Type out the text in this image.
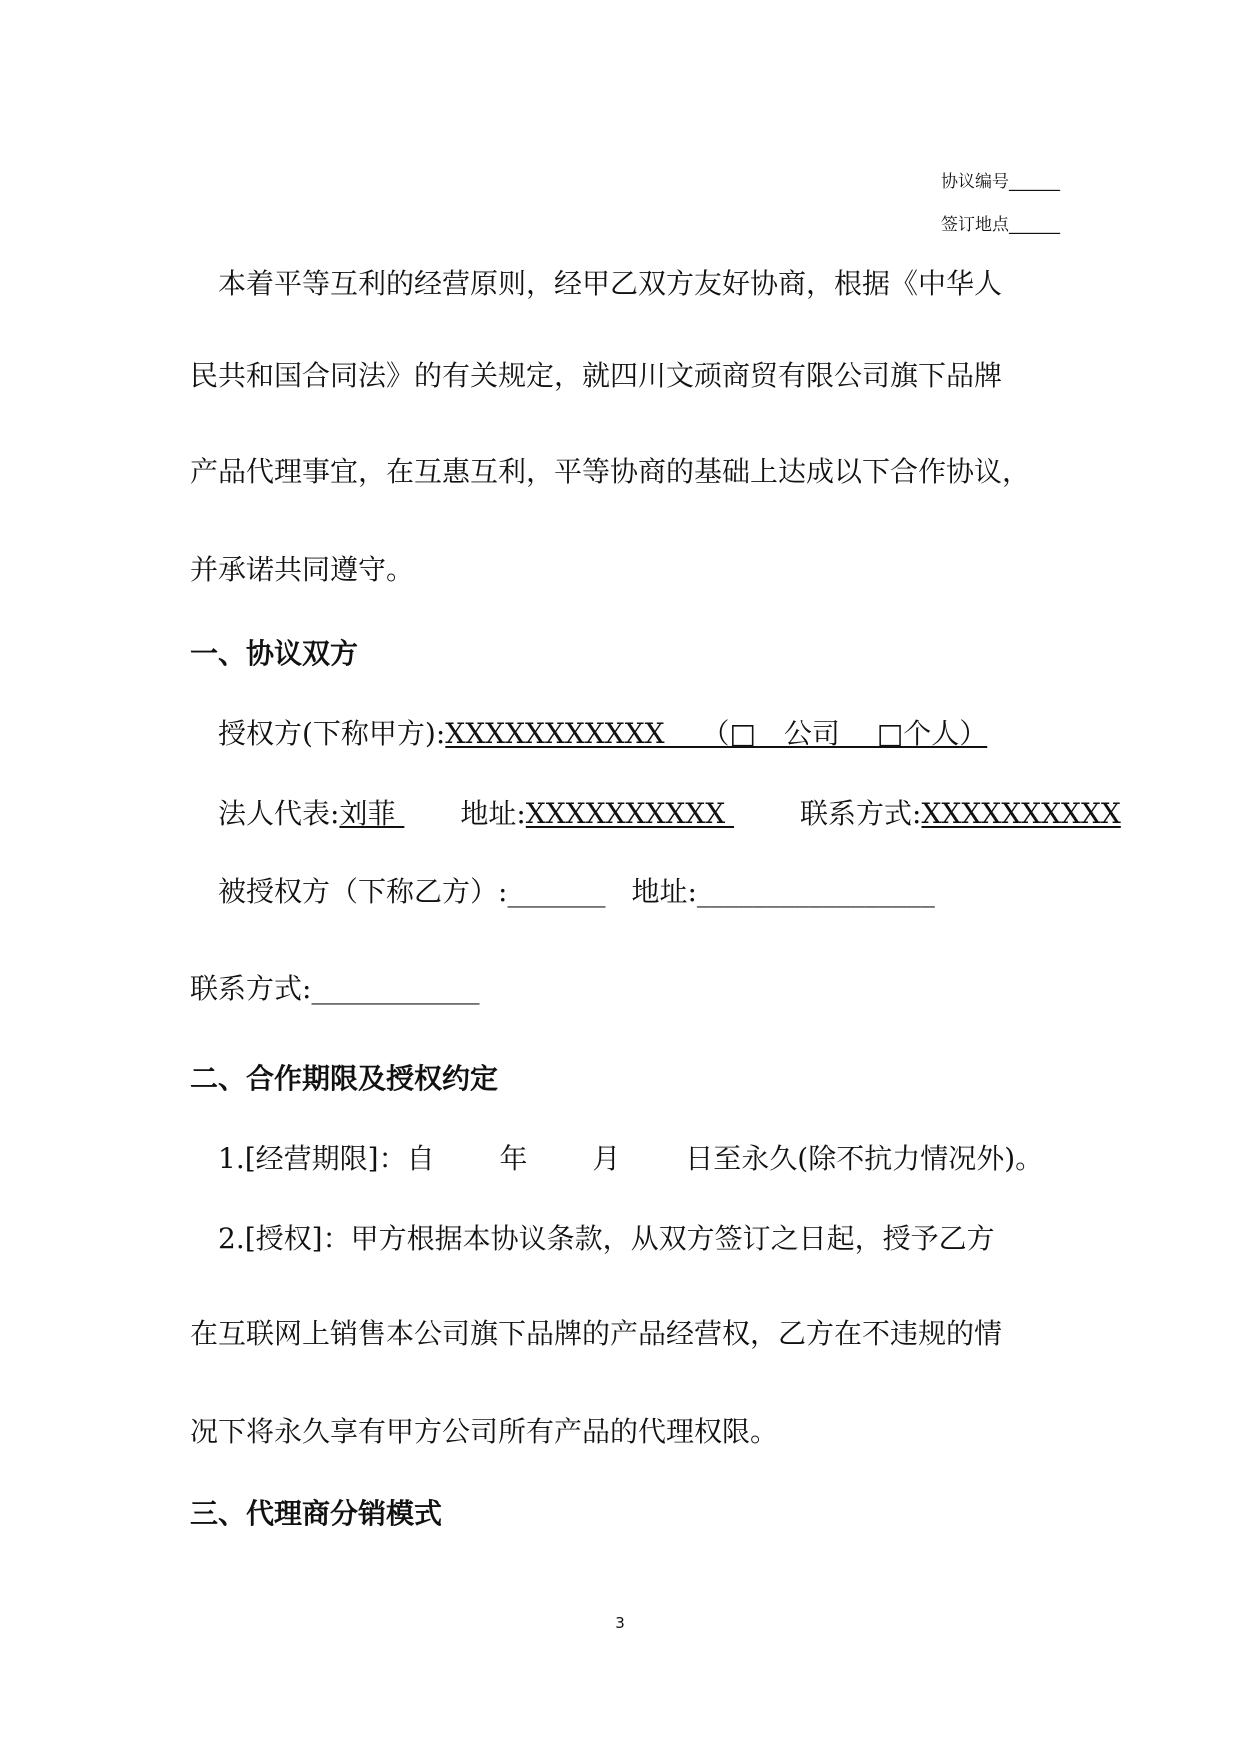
协议编号______
签订地点______
本着平等互利的经营原则，经甲乙双方友好协商，根据《中华人
民共和国合同法》的有关规定，就四川文顽商贸有限公司旗下品牌
产品代理事宜，在互惠互利，平等协商的基础上达成以下合作协议，
并承诺共同遵守。
一、协议双方
授权方(下称甲方):XXXXXXXXXXX　 （□　公司　 □个人）
法人代表:刘菲 地址:XXXXXXXXXX 联系方式:XXXXXXXXXX
被授权方（下称乙方）:_______ 地址:_________________
联系方式:____________
二、合作期限及授权约定
1.[经营期限]：自　　 年　　 月　　 日至永久(除不抗力情况外)。
2.[授权]：甲方根据本协议条款，从双方签订之日起，授予乙方
在互联网上销售本公司旗下品牌的产品经营权，乙方在不违规的情
况下将永久享有甲方公司所有产品的代理权限。
三、代理商分销模式
3
